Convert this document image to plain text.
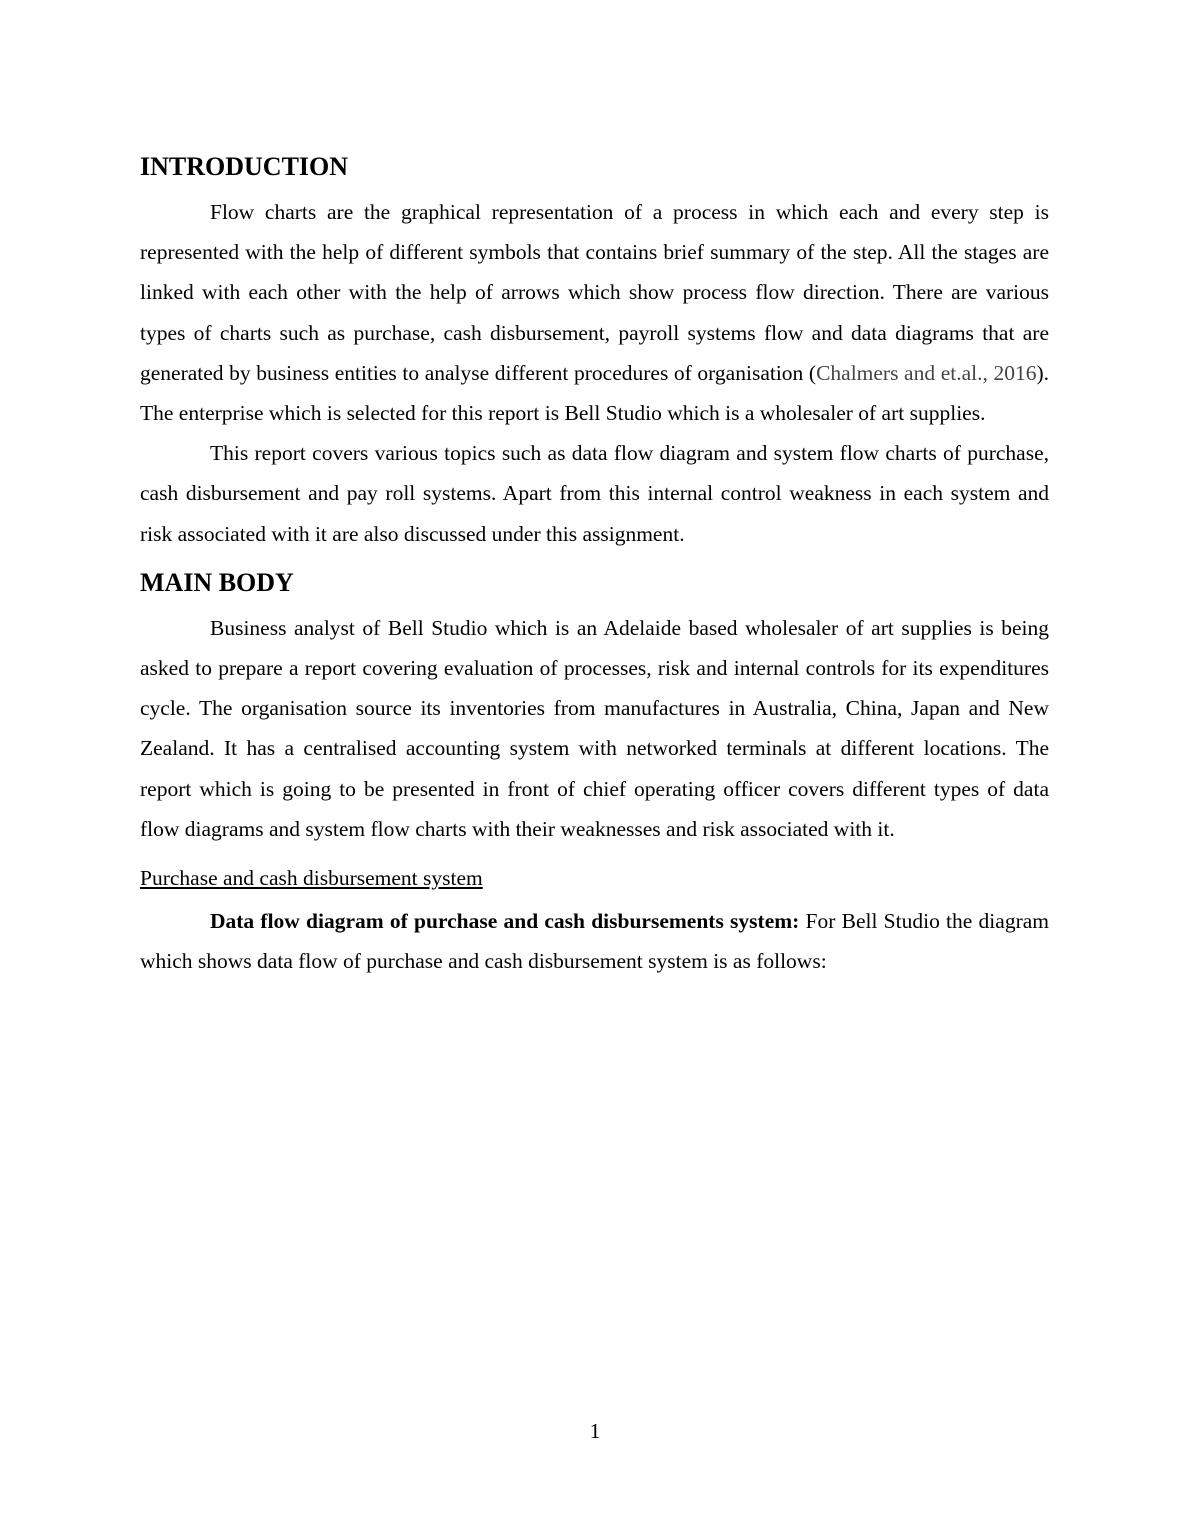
INTRODUCTION

Flow charts are the graphical representation of a process in which each and every step is represented with the help of different symbols that contains brief summary of the step. All the stages are linked with each other with the help of arrows which show process flow direction. There are various types of charts such as purchase, cash disbursement, payroll systems flow and data diagrams that are generated by business entities to analyse different procedures of organisation (Chalmers and et.al., 2016). The enterprise which is selected for this report is Bell Studio which is a wholesaler of art supplies.

This report covers various topics such as data flow diagram and system flow charts of purchase, cash disbursement and pay roll systems. Apart from this internal control weakness in each system and risk associated with it are also discussed under this assignment.

MAIN BODY

Business analyst of Bell Studio which is an Adelaide based wholesaler of art supplies is being asked to prepare a report covering evaluation of processes, risk and internal controls for its expenditures cycle. The organisation source its inventories from manufactures in Australia, China, Japan and New Zealand. It has a centralised accounting system with networked terminals at different locations. The report which is going to be presented in front of chief operating officer covers different types of data flow diagrams and system flow charts with their weaknesses and risk associated with it.

Purchase and cash disbursement system

Data flow diagram of purchase and cash disbursements system: For Bell Studio the diagram which shows data flow of purchase and cash disbursement system is as follows:

1
